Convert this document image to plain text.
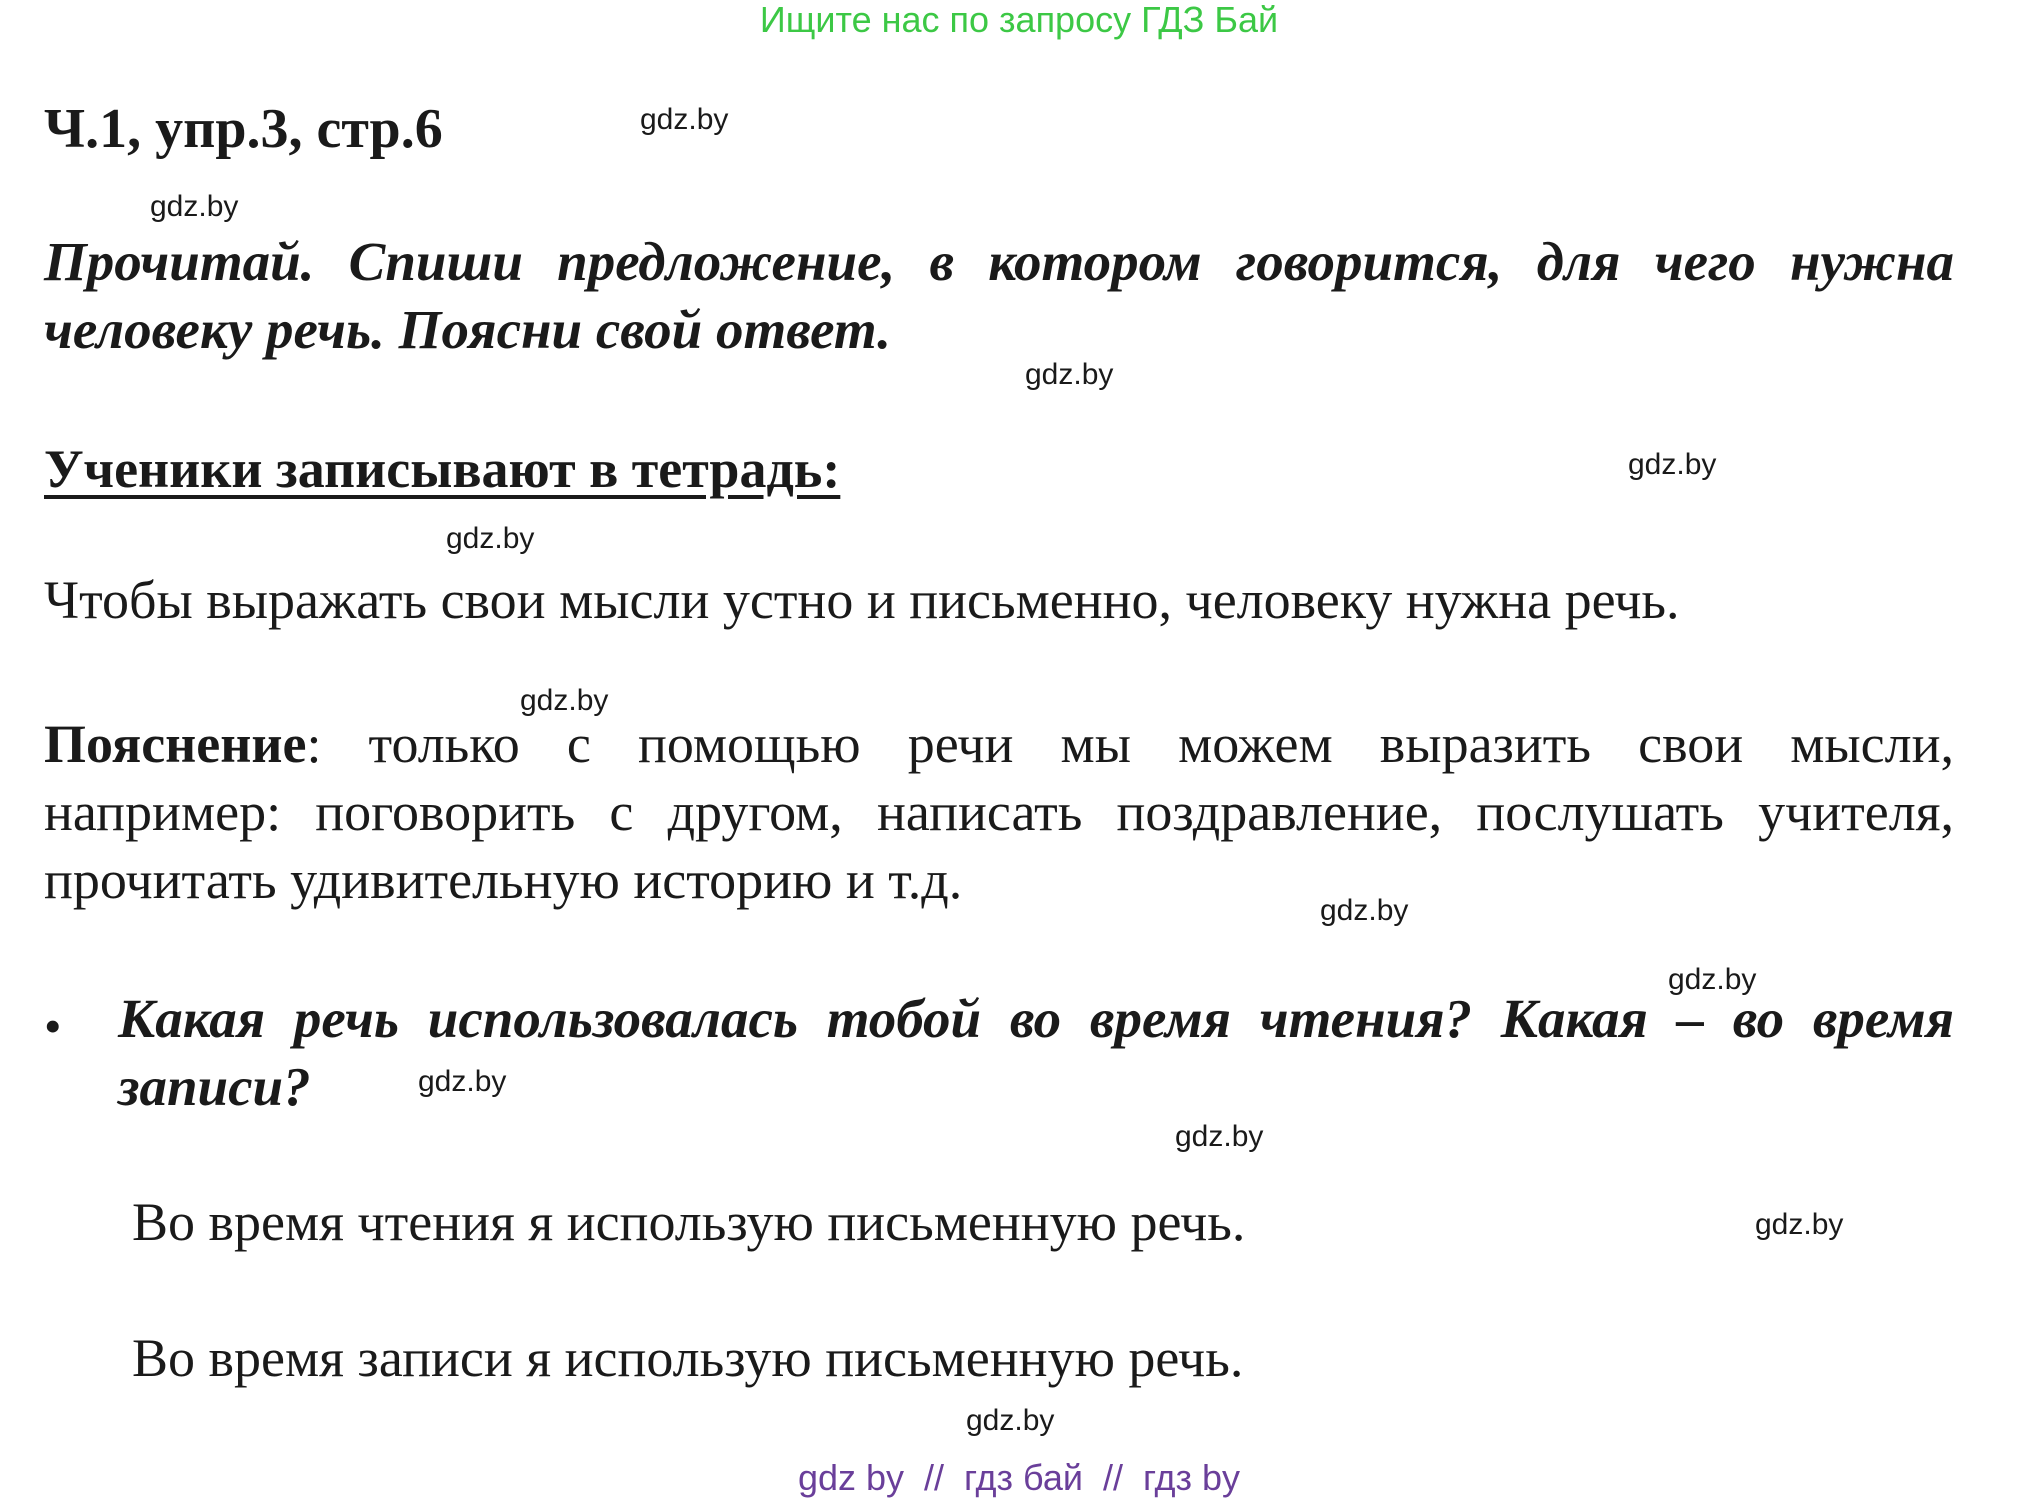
Ищите нас по запросу ГДЗ Бай
Ч.1, упр.3, стр.6
Прочитай. Спиши предложение, в котором говорится, для чего нужна
человеку речь. Поясни свой ответ.
Ученики записывают в тетрадь:
Чтобы выражать свои мысли устно и письменно, человеку нужна речь.
Пояснение: только с помощью речи мы можем выразить свои мысли,
например: поговорить с другом, написать поздравление, послушать учителя,
прочитать удивительную историю и т.д.
• Какая речь использовалась тобой во время чтения? Какая – во время
записи?
Во время чтения я использую письменную речь.
Во время записи я использую письменную речь.
gdz.by
gdz.by
gdz.by
gdz.by
gdz.by
gdz.by
gdz.by
gdz.by
gdz.by
gdz.by
gdz.by
gdz.by
gdz by  //  гдз бай  //  гдз by
